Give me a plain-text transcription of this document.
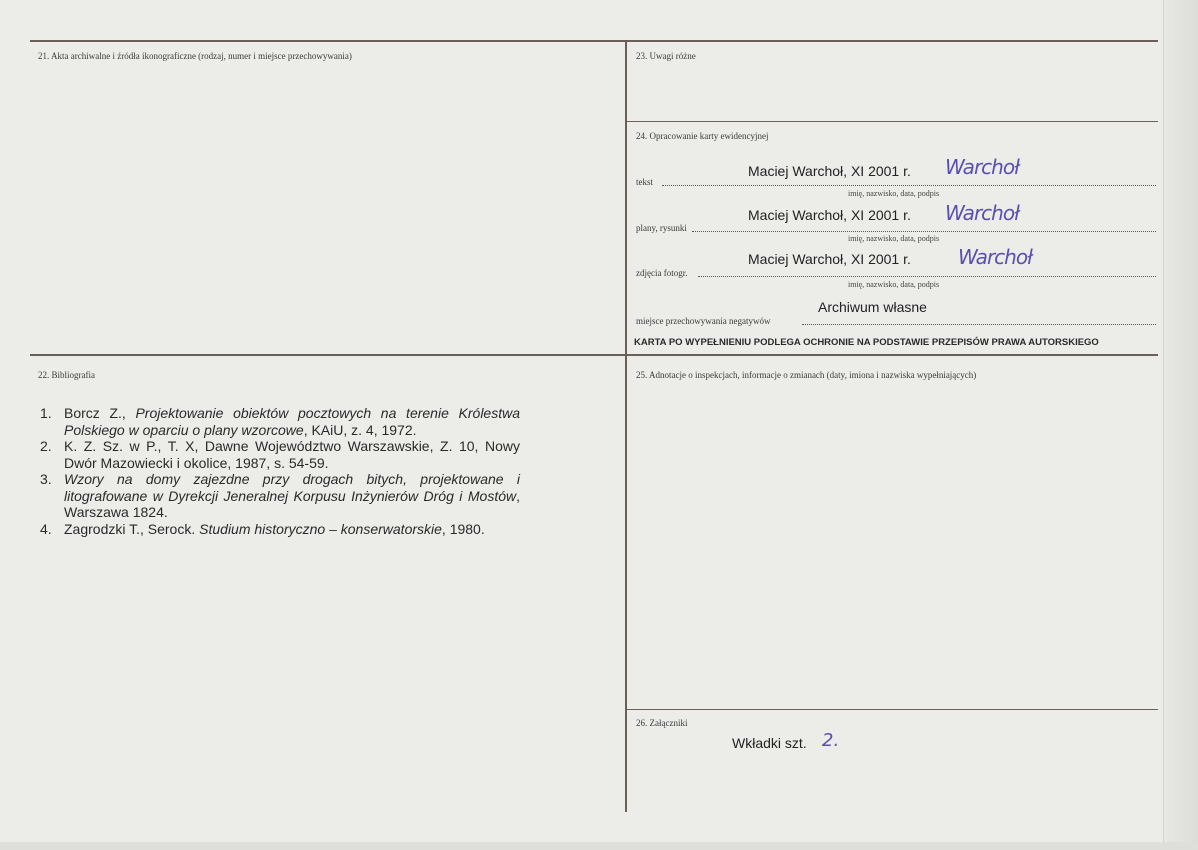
21. Akta archiwalne i źródła ikonograficzne (rodzaj, numer i miejsce przechowywania)	23. Uwagi różne
24. Opracowanie karty ewidencyjnej
Maciej Warchoł, XI 2001 r. Warchoł
tekst
imię, nazwisko, data, podpis
Maciej Warchoł, XI 2001 r. Warchoł
plany, rysunki
imię, nazwisko, data, podpis
Maciej Warchoł, XI 2001 r. Warchoł
zdjęcia fotogr.
imię, nazwisko, data, podpis
Archiwum własne
miejsce przechowywania negatywów
KARTA PO WYPEŁNIENIU PODLEGA OCHRONIE NA PODSTAWIE PRZEPISÓW PRAWA AUTORSKIEGO
22. Bibliografia
1. Borcz Z., Projektowanie obiektów pocztowych na terenie Królestwa Polskiego w oparciu o plany wzorcowe, KAiU, z. 4, 1972.
2. K. Z. Sz. w P., T. X, Dawne Województwo Warszawskie, Z. 10, Nowy Dwór Mazowiecki i okolice, 1987, s. 54-59.
3. Wzory na domy zajezdne przy drogach bitych, projektowane i litografowane w Dyrekcji Jeneralnej Korpusu Inżynierów Dróg i Mostów, Warszawa 1824.
4. Zagrodzki T., Serock. Studium historyczno – konserwatorskie, 1980.
25. Adnotacje o inspekcjach, informacje o zmianach (daty, imiona i nazwiska wypełniających)
26. Załączniki
Wkładki szt. 2.
